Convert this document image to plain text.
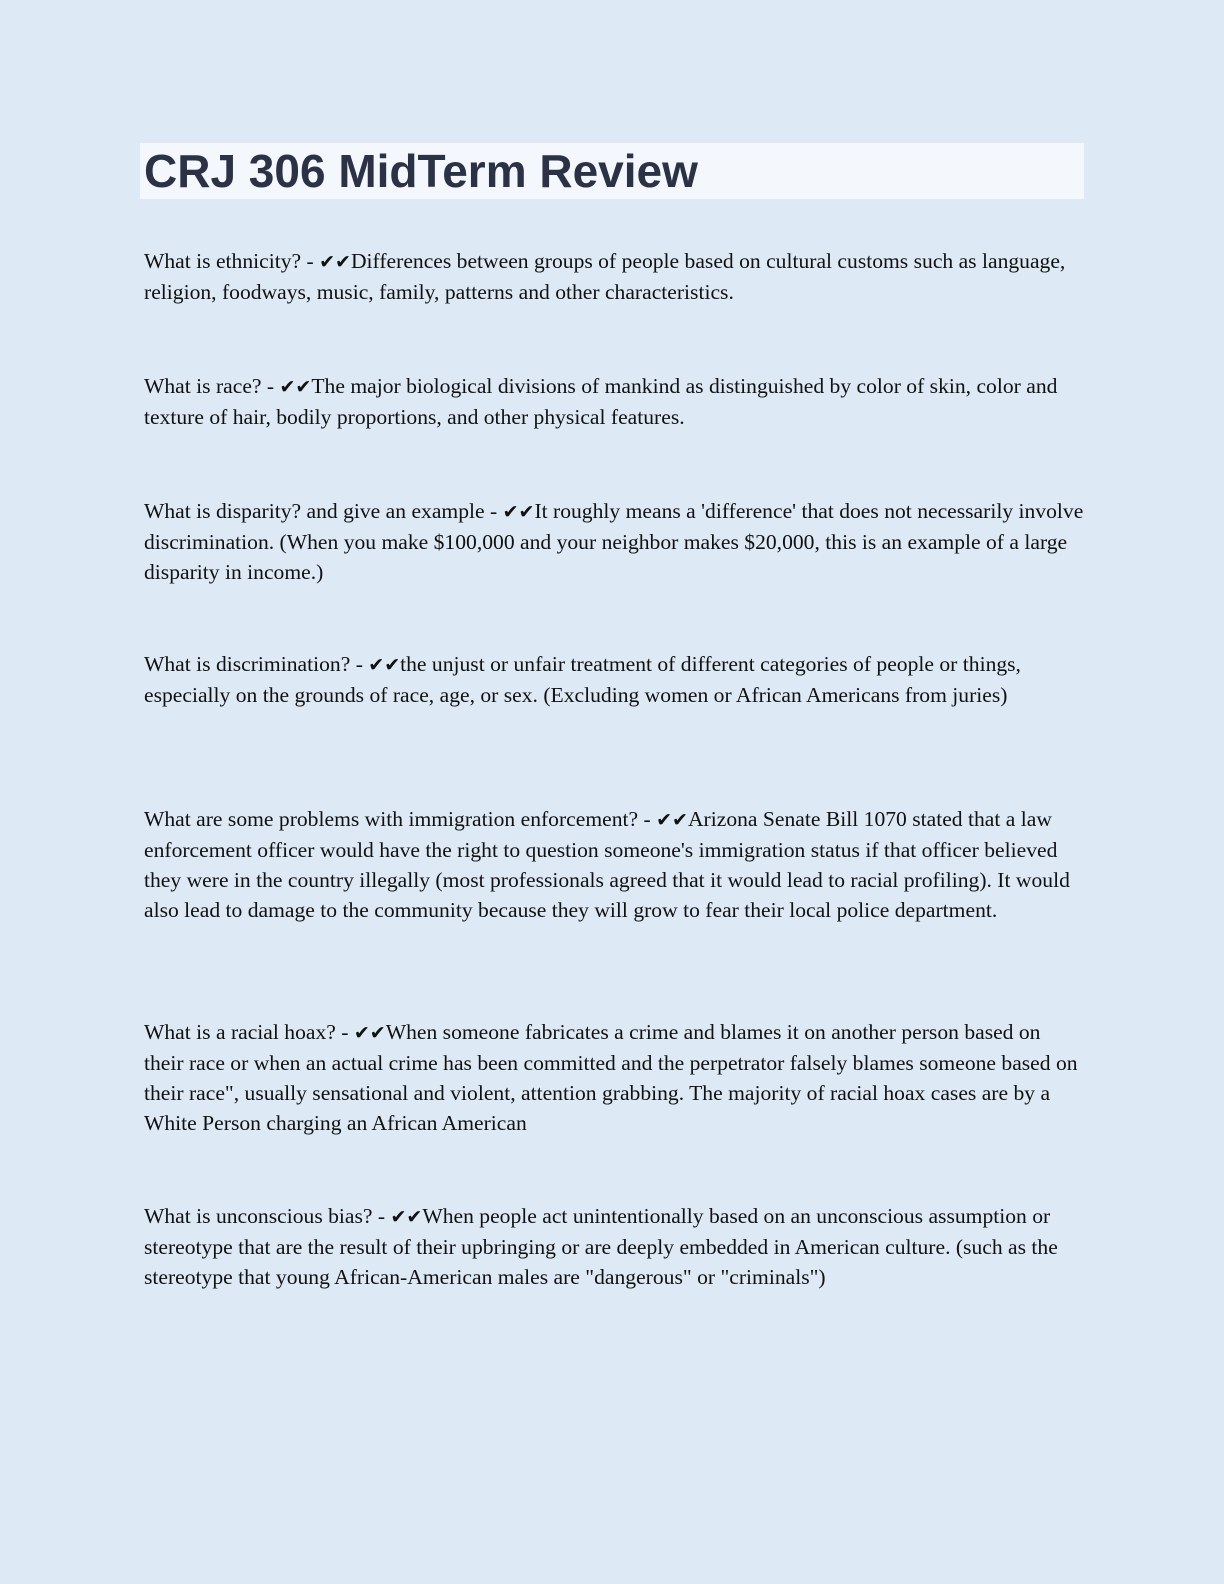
CRJ 306 MidTerm Review

What is ethnicity? - ✔✔Differences between groups of people based on cultural customs such as language, religion, foodways, music, family, patterns and other characteristics.

What is race? - ✔✔The major biological divisions of mankind as distinguished by color of skin, color and texture of hair, bodily proportions, and other physical features.

What is disparity? and give an example - ✔✔It roughly means a 'difference' that does not necessarily involve discrimination. (When you make $100,000 and your neighbor makes $20,000, this is an example of a large disparity in income.)

What is discrimination? - ✔✔the unjust or unfair treatment of different categories of people or things, especially on the grounds of race, age, or sex. (Excluding women or African Americans from juries)

What are some problems with immigration enforcement? - ✔✔Arizona Senate Bill 1070 stated that a law enforcement officer would have the right to question someone's immigration status if that officer believed they were in the country illegally (most professionals agreed that it would lead to racial profiling). It would also lead to damage to the community because they will grow to fear their local police department.

What is a racial hoax? - ✔✔When someone fabricates a crime and blames it on another person based on their race or when an actual crime has been committed and the perpetrator falsely blames someone based on their race", usually sensational and violent, attention grabbing. The majority of racial hoax cases are by a White Person charging an African American

What is unconscious bias? - ✔✔When people act unintentionally based on an unconscious assumption or stereotype that are the result of their upbringing or are deeply embedded in American culture. (such as the stereotype that young African-American males are "dangerous" or "criminals")
